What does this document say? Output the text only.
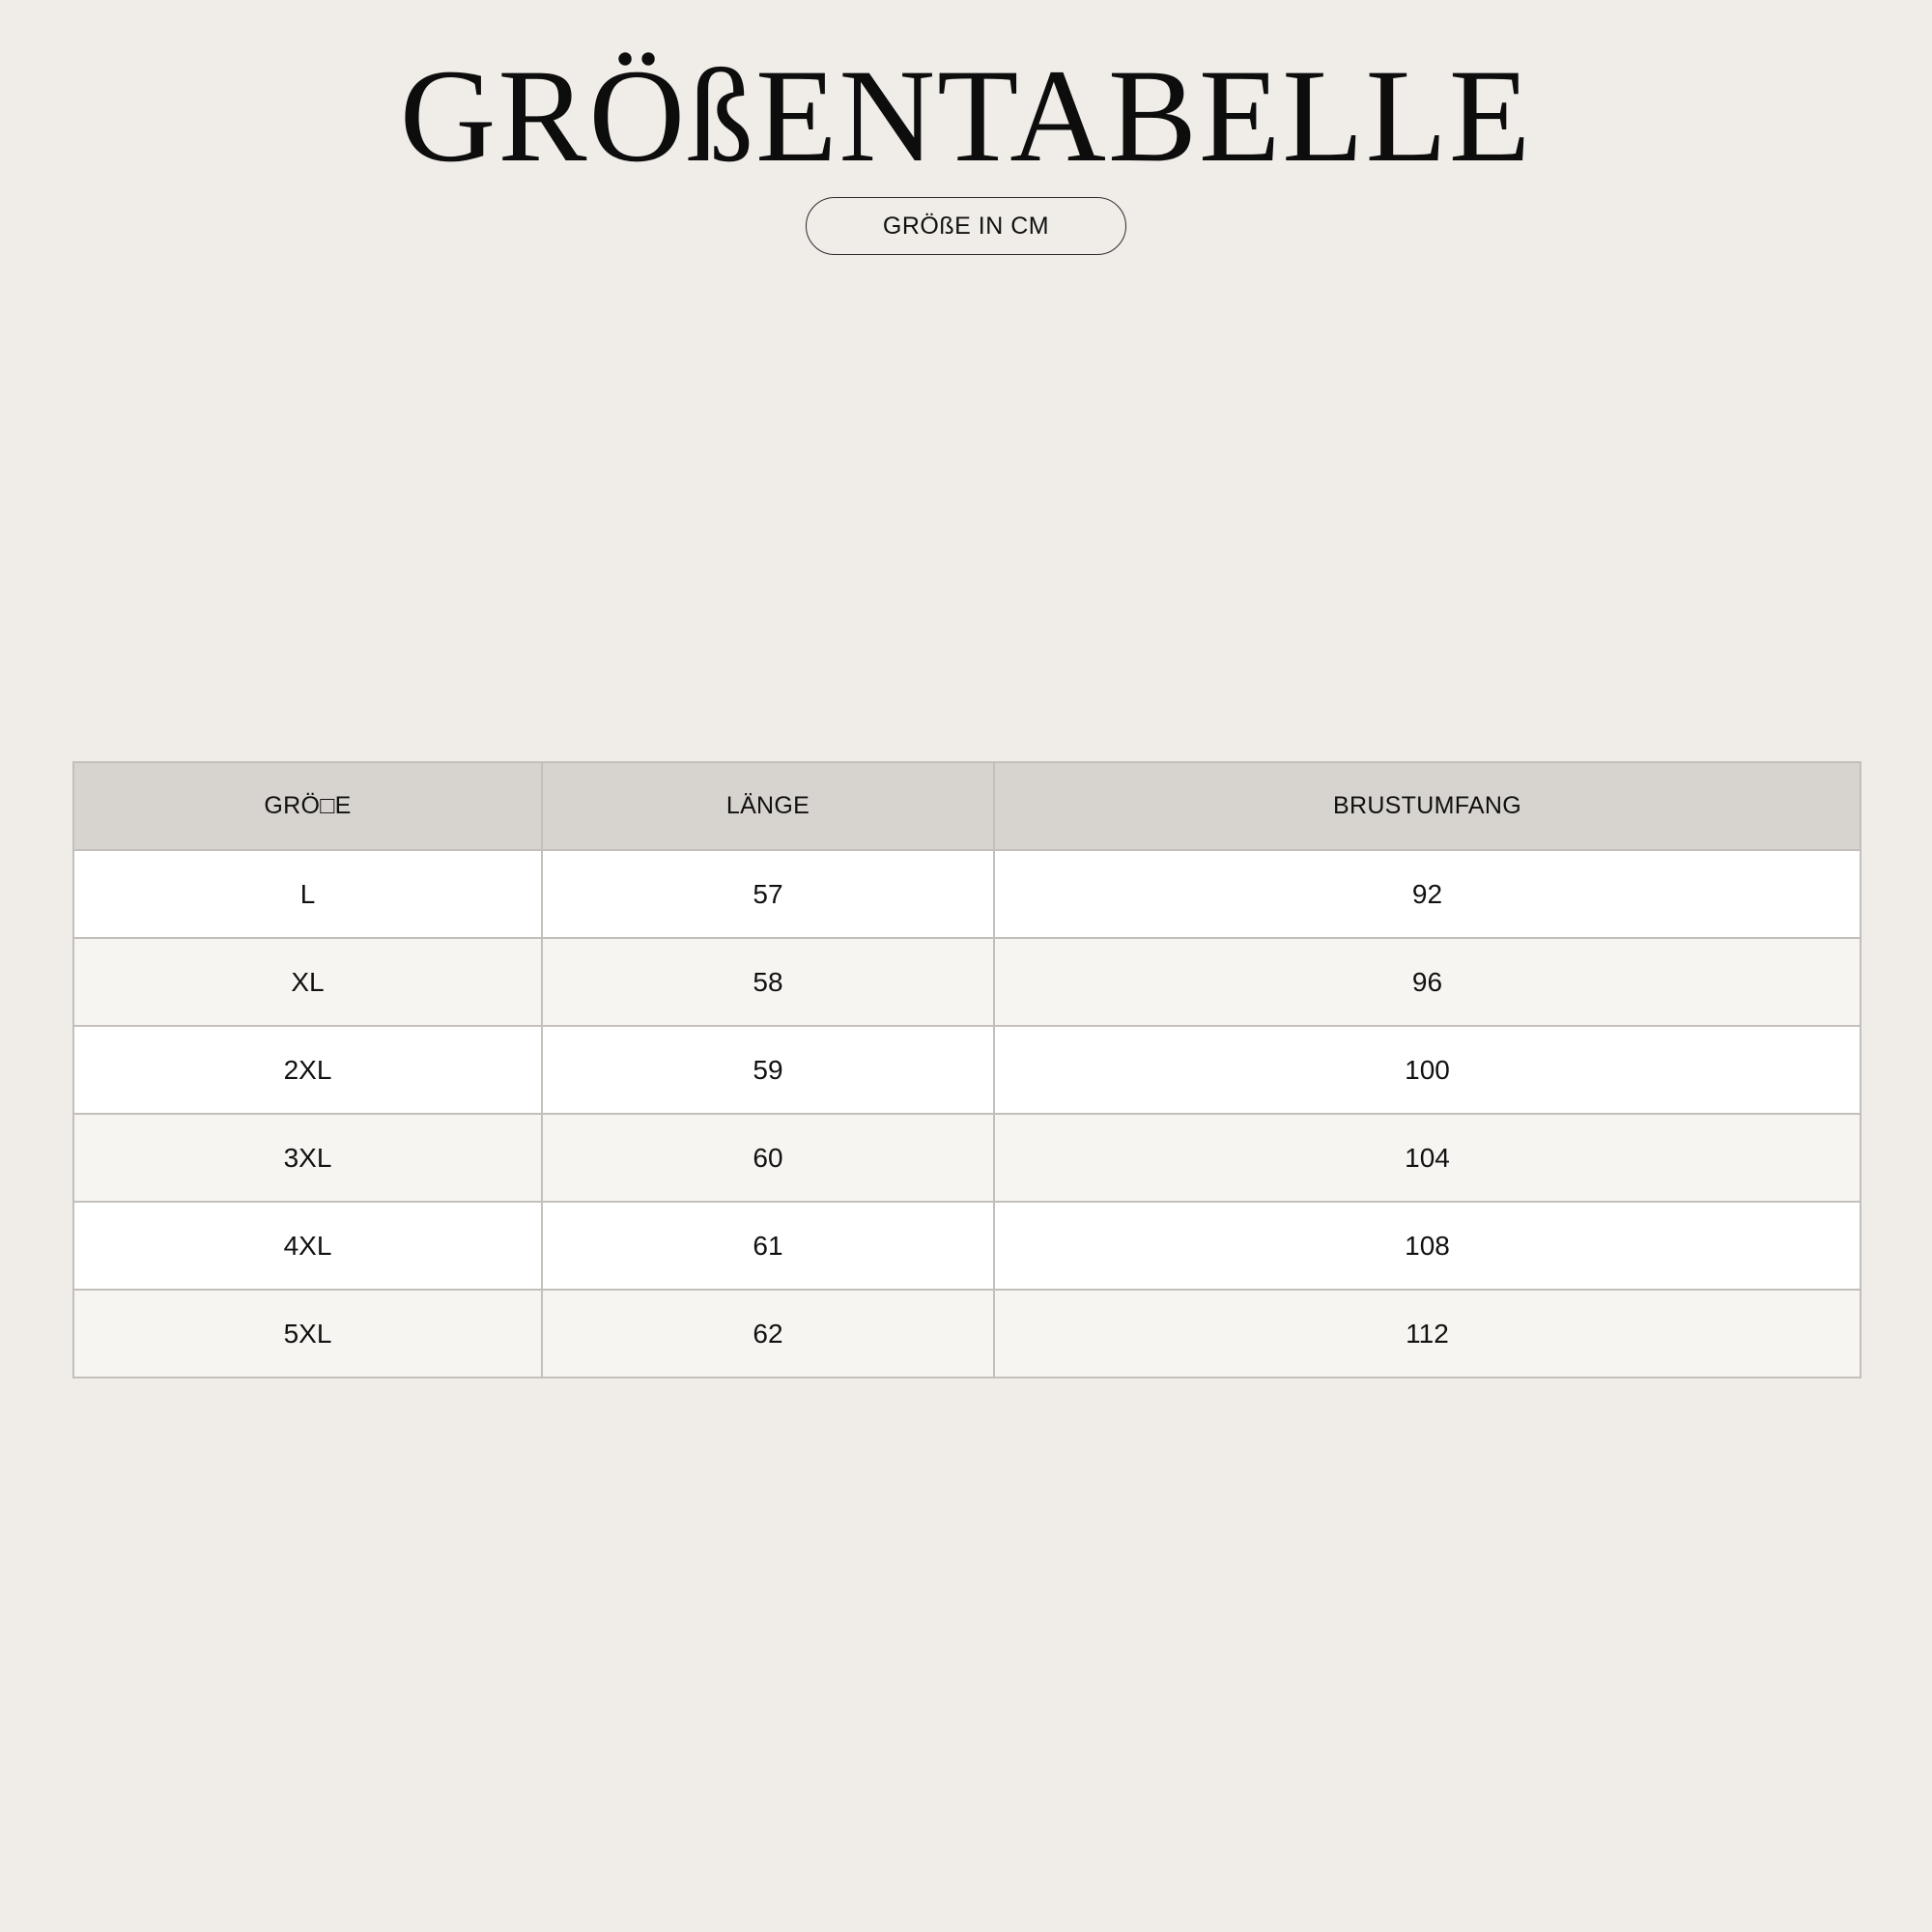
GRÖßENTABELLE
GRÖßE IN CM
GRÖ□E	LÄNGE	BRUSTUMFANG
L	57	92
XL	58	96
2XL	59	100
3XL	60	104
4XL	61	108
5XL	62	112
